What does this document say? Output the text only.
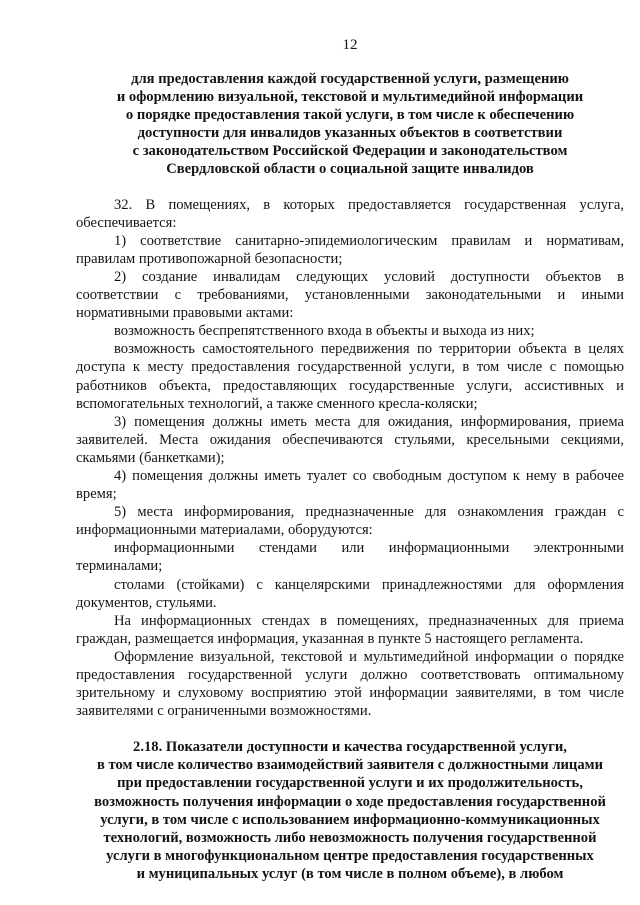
12
для предоставления каждой государственной услуги, размещению
и оформлению визуальной, текстовой и мультимедийной информации
о порядке предоставления такой услуги, в том числе к обеспечению
доступности для инвалидов указанных объектов в соответствии
с законодательством Российской Федерации и законодательством
Свердловской области о социальной защите инвалидов

32. В помещениях, в которых предоставляется государственная услуга, обеспечивается:

1) соответствие санитарно-эпидемиологическим правилам и нормативам, правилам противопожарной безопасности;

2) создание инвалидам следующих условий доступности объектов в соответствии с требованиями, установленными законодательными и иными нормативными правовыми актами:

возможность беспрепятственного входа в объекты и выхода из них;

возможность самостоятельного передвижения по территории объекта в целях доступа к месту предоставления государственной услуги, в том числе с помощью работников объекта, предоставляющих государственные услуги, ассистивных и вспомогательных технологий, а также сменного кресла-коляски;

3) помещения должны иметь места для ожидания, информирования, приема заявителей. Места ожидания обеспечиваются стульями, кресельными секциями, скамьями (банкетками);

4) помещения должны иметь туалет со свободным доступом к нему в рабочее время;

5) места информирования, предназначенные для ознакомления граждан с информационными материалами, оборудуются:

информационными стендами или информационными электронными терминалами;

столами (стойками) с канцелярскими принадлежностями для оформления документов, стульями.

На информационных стендах в помещениях, предназначенных для приема граждан, размещается информация, указанная в пункте 5 настоящего регламента.

Оформление визуальной, текстовой и мультимедийной информации о порядке предоставления государственной услуги должно соответствовать оптимальному зрительному и слуховому восприятию этой информации заявителями, в том числе заявителями с ограниченными возможностями.

2.18. Показатели доступности и качества государственной услуги,
в том числе количество взаимодействий заявителя с должностными лицами
при предоставлении государственной услуги и их продолжительность,
возможность получения информации о ходе предоставления государственной
услуги, в том числе с использованием информационно-коммуникационных
технологий, возможность либо невозможность получения государственной
услуги в многофункциональном центре предоставления государственных
и муниципальных услуг (в том числе в полном объеме), в любом
